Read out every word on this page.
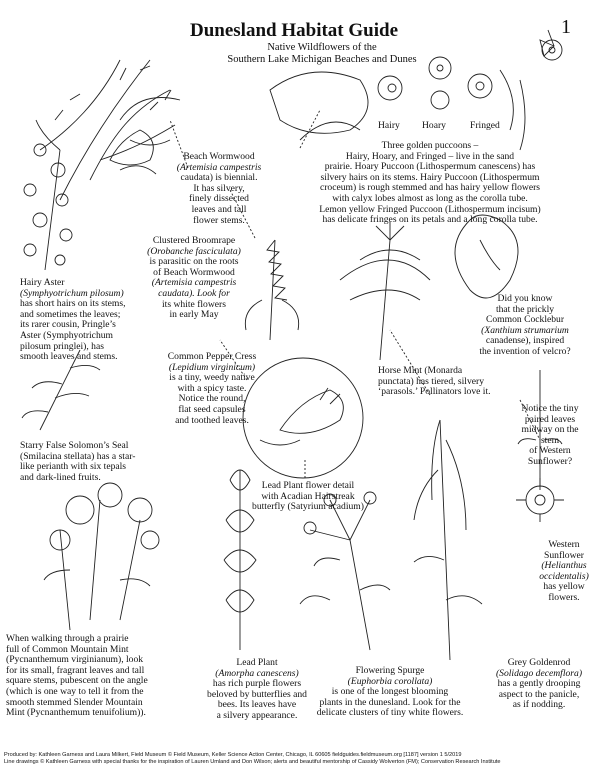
Dunesland Habitat Guide	1
Native Wildflowers of the
Southern Lake Michigan Beaches and Dunes
Hairy Hoary	Fringed
Beach Wormwood
(Artemisia campestris
caudata) is biennial.
It has silvery,
finely dissected
leaves and tall
flower stems.
Three golden puccoons –
Hairy, Hoary, and Fringed – live in the sand
prairie. Hoary Puccoon (Lithospermum canescens) has
silvery hairs on its stems. Hairy Puccoon (Lithospermum
croceum) is rough stemmed and has hairy yellow flowers
with calyx lobes almost as long as the corolla tube.
Lemon yellow Fringed Puccoon (Lithospermum incisum)
has delicate fringes on its petals and a long corolla tube.
Clustered Broomrape
(Orobanche fasciculata)
is parasitic on the roots
of Beach Wormwood
(Artemisia campestris
caudata). Look for
its white flowers
in early May
Hairy Aster
(Symphyotrichum pilosum)
has short hairs on its stems,
and sometimes the leaves;
its rarer cousin, Pringle’s
Aster (Symphyotrichum
pilosum pringlei), has
smooth leaves and stems.
Did you know
that the prickly
Common Cocklebur
(Xanthium strumarium
canadense), inspired
the invention of velcro?
Common Pepper Cress
(Lepidium virginicum)
is a tiny, weedy native
with a spicy taste.
Notice the round,
flat seed capsules
and toothed leaves.
Horse Mint (Monarda
punctata) has tiered, silvery
‘parasols.’ Pollinators love it.
Notice the tiny
paired leaves
midway on the
stem
of Western
Sunflower?
Starry False Solomon’s Seal
(Smilacina stellata) has a star-
like perianth with six tepals
and dark-lined fruits.
Lead Plant flower detail
with Acadian Hairstreak
butterfly (Satyrium acadium)
Western
Sunflower
(Helianthus
occidentalis)
has yellow
flowers.
When walking through a prairie
full of Common Mountain Mint
(Pycnanthemum virginianum), look
for its small, fragrant leaves and tall
square stems, pubescent on the angle
(which is one way to tell it from the
smooth stemmed Slender Mountain
Mint (Pycnanthemum tenuifolium)).
Lead Plant
(Amorpha canescens)
has rich purple flowers
beloved by butterflies and
bees. Its leaves have
a silvery appearance.
Flowering Spurge
(Euphorbia corollata)
is one of the longest blooming
plants in the dunesland. Look for the
delicate clusters of tiny white flowers.
Grey Goldenrod
(Solidago decemflora)
has a gently drooping
aspect to the panicle,
as if nodding.
Produced by: Kathleen Garness and Laura Milkert, Field Museum © Field Museum, Keller Science Action Center, Chicago, IL 60605 fieldguides.fieldmuseum.org [1187] version 1 5/2019
Line drawings © Kathleen Garness with special thanks for the inspiration of Lauren Umland and Don Wilson; alerts and beautiful mentorship of Cassidy Wolverton (FM); Conservation Research Institute
